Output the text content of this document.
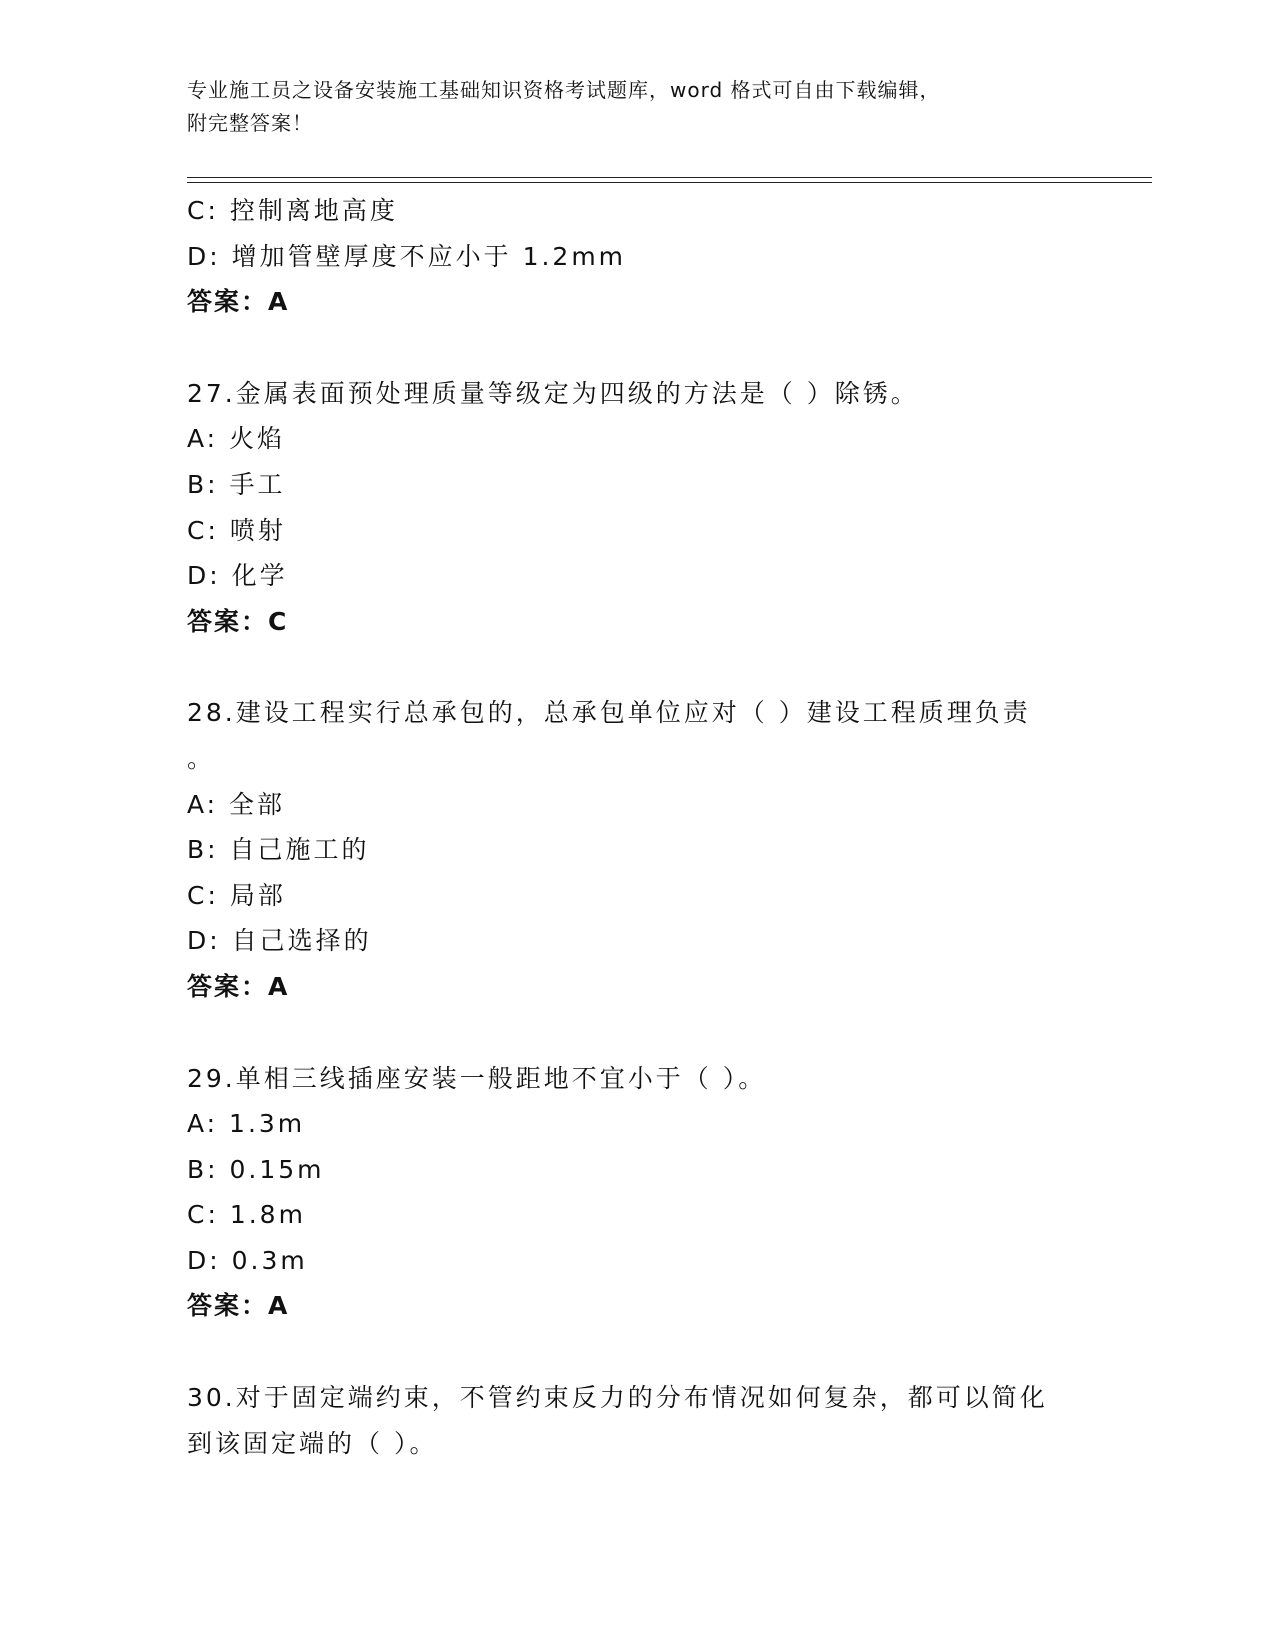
专业施工员之设备安装施工基础知识资格考试题库，word 格式可自由下载编辑，
附完整答案！
C: 控制离地高度
D: 增加管壁厚度不应小于 1.2mm
答案：A
27.金属表面预处理质量等级定为四级的方法是（ ）除锈。
A: 火焰
B: 手工
C: 喷射
D: 化学
答案：C
28.建设工程实行总承包的，总承包单位应对（ ）建设工程质理负责
。
A: 全部
B: 自己施工的
C: 局部
D: 自己选择的
答案：A
29.单相三线插座安装一般距地不宜小于（ ）。
A: 1.3m
B: 0.15m
C: 1.8m
D: 0.3m
答案：A
30.对于固定端约束，不管约束反力的分布情况如何复杂，都可以简化
到该固定端的（ ）。
